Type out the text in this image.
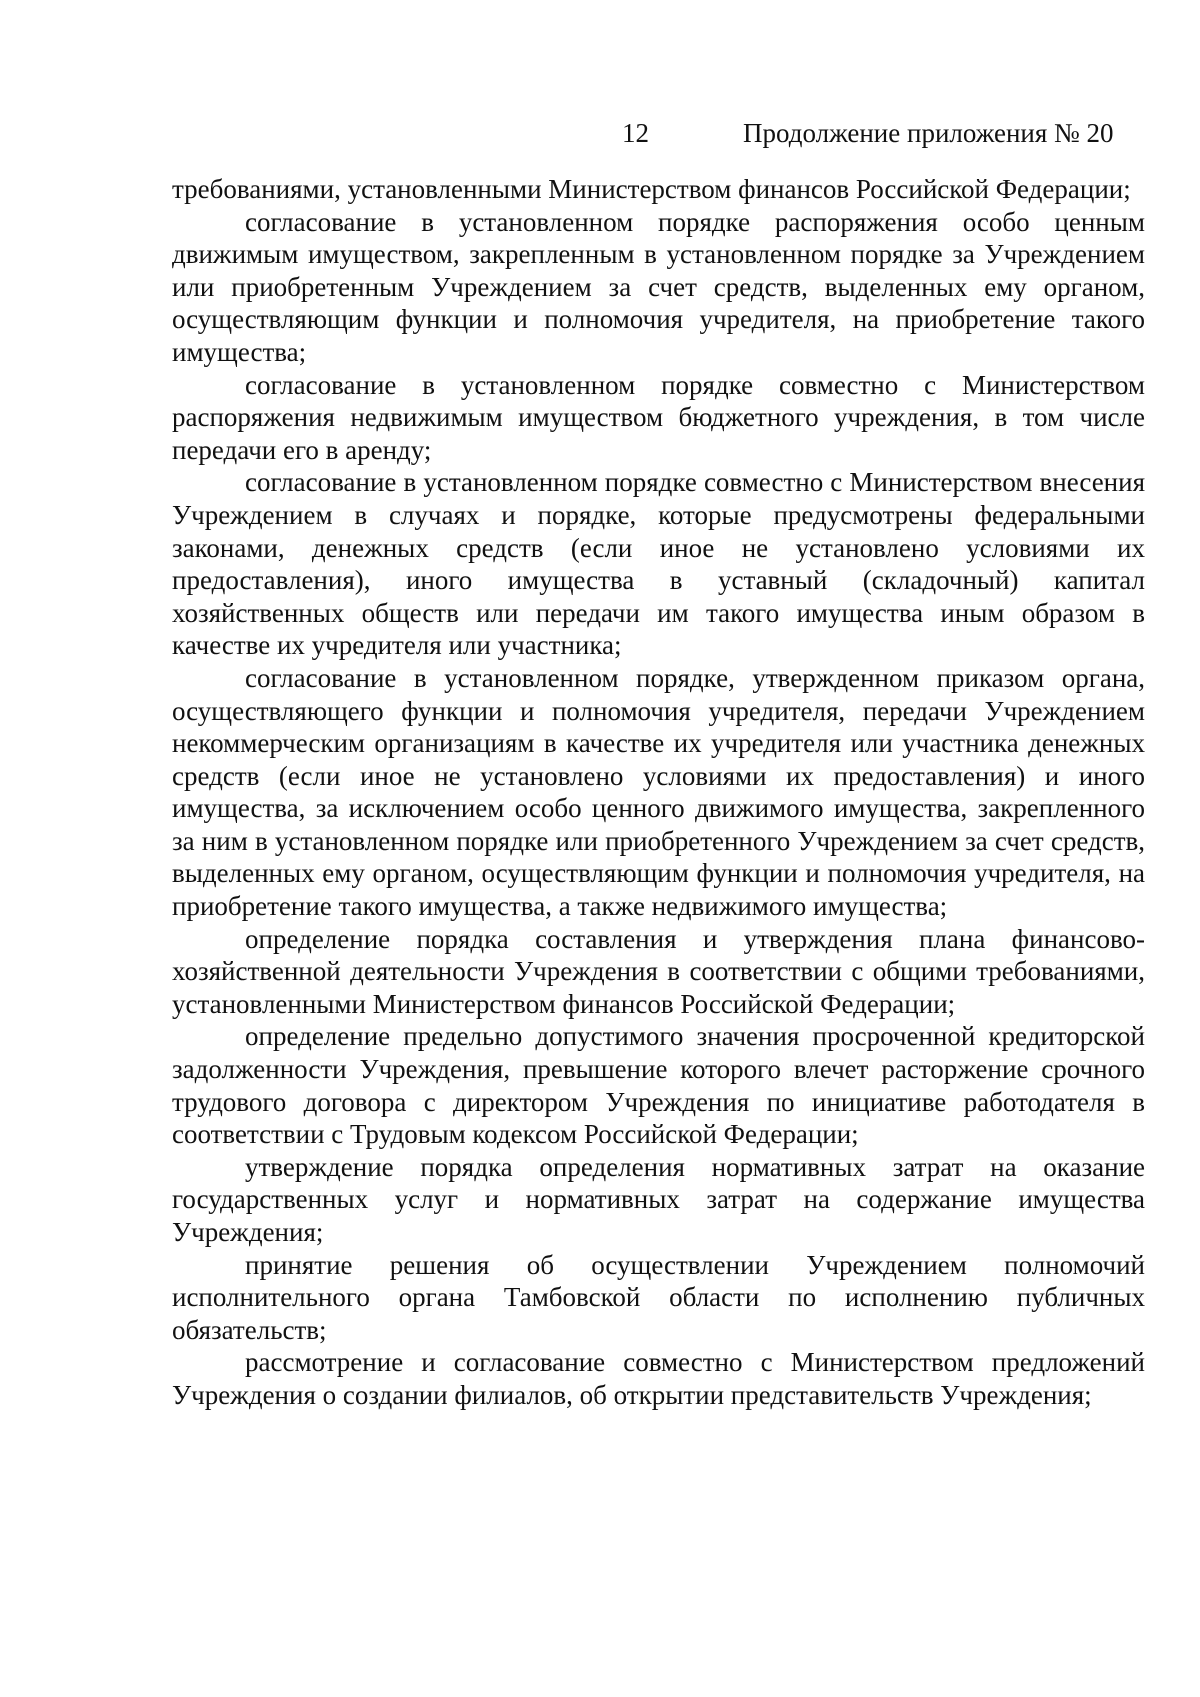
12	Продолжение приложения № 20

требованиями, установленными Министерством финансов Российской Федерации;

согласование в установленном порядке распоряжения особо ценным движимым имуществом, закрепленным в установленном порядке за Учреждением или приобретенным Учреждением за счет средств, выделенных ему органом, осуществляющим функции и полномочия учредителя, на приобретение такого имущества;

согласование в установленном порядке совместно с Министерством распоряжения недвижимым имуществом бюджетного учреждения, в том числе передачи его в аренду;

согласование в установленном порядке совместно с Министерством внесения Учреждением в случаях и порядке, которые предусмотрены федеральными законами, денежных средств (если иное не установлено условиями их предоставления), иного имущества в уставный (складочный) капитал хозяйственных обществ или передачи им такого имущества иным образом в качестве их учредителя или участника;

согласование в установленном порядке, утвержденном приказом органа, осуществляющего функции и полномочия учредителя, передачи Учреждением некоммерческим организациям в качестве их учредителя или участника денежных средств (если иное не установлено условиями их предоставления) и иного имущества, за исключением особо ценного движимого имущества, закрепленного за ним в установленном порядке или приобретенного Учреждением за счет средств, выделенных ему органом, осуществляющим функции и полномочия учредителя, на приобретение такого имущества, а также недвижимого имущества;

определение порядка составления и утверждения плана финансово-хозяйственной деятельности Учреждения в соответствии с общими требованиями, установленными Министерством финансов Российской Федерации;

определение предельно допустимого значения просроченной кредиторской задолженности Учреждения, превышение которого влечет расторжение срочного трудового договора с директором Учреждения по инициативе работодателя в соответствии с Трудовым кодексом Российской Федерации;

утверждение порядка определения нормативных затрат на оказание государственных услуг и нормативных затрат на содержание имущества Учреждения;

принятие решения об осуществлении Учреждением полномочий исполнительного органа Тамбовской области по исполнению публичных обязательств;

рассмотрение и согласование совместно с Министерством предложений Учреждения о создании филиалов, об открытии представительств Учреждения;
